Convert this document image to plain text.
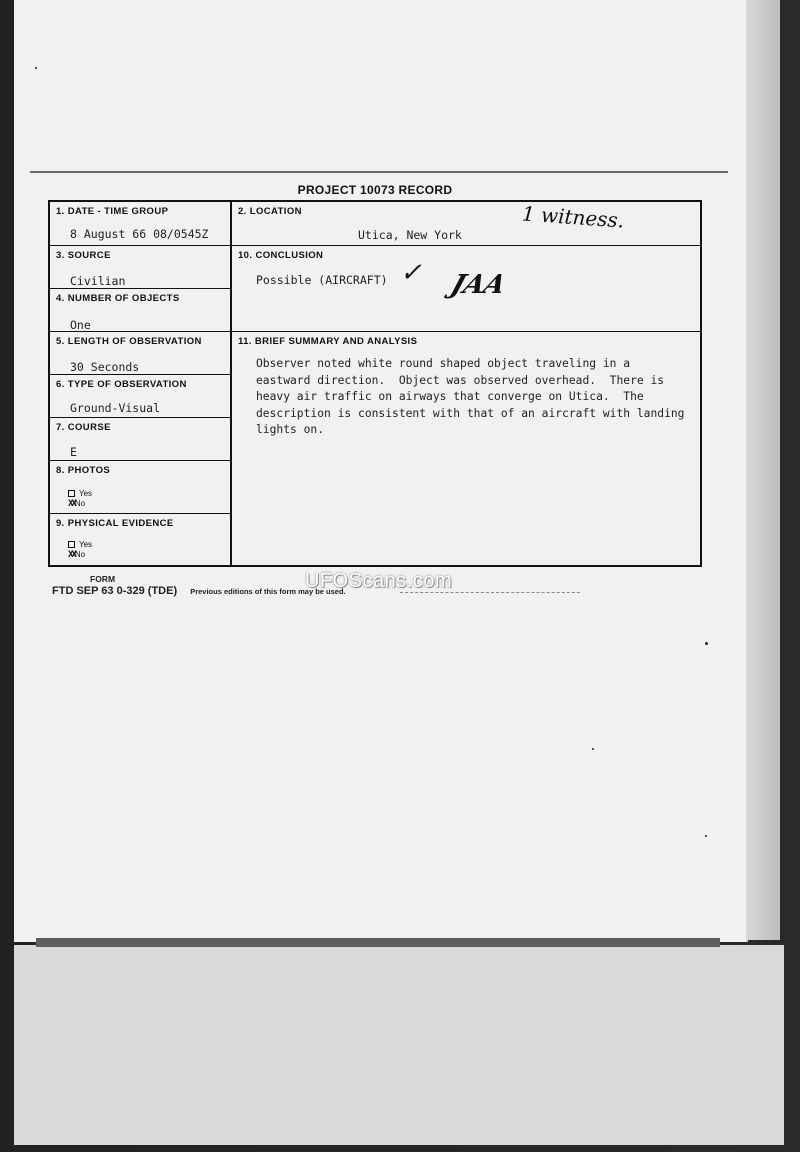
PROJECT 10073 RECORD
1. DATE - TIME GROUP
8 August 66 08/0545Z
3. SOURCE
Civilian
4. NUMBER OF OBJECTS
One
5. LENGTH OF OBSERVATION
30 Seconds
6. TYPE OF OBSERVATION
Ground-Visual
7. COURSE
E
8. PHOTOS
Yes
XXNo
9. PHYSICAL EVIDENCE
Yes
XXNo
2. LOCATION
Utica, New York
10. CONCLUSION
Possible (AIRCRAFT)
11. BRIEF SUMMARY AND ANALYSIS
Observer noted white round shaped object traveling in a
eastward direction.  Object was observed overhead.  There is
heavy air traffic on airways that converge on Utica.  The
description is consistent with that of an aircraft with landing
lights on.
1 witness.
✓ JAA
FORM
FTD SEP 63 0-329 (TDE) Previous editions of this form may be used.
UFOScans.com
